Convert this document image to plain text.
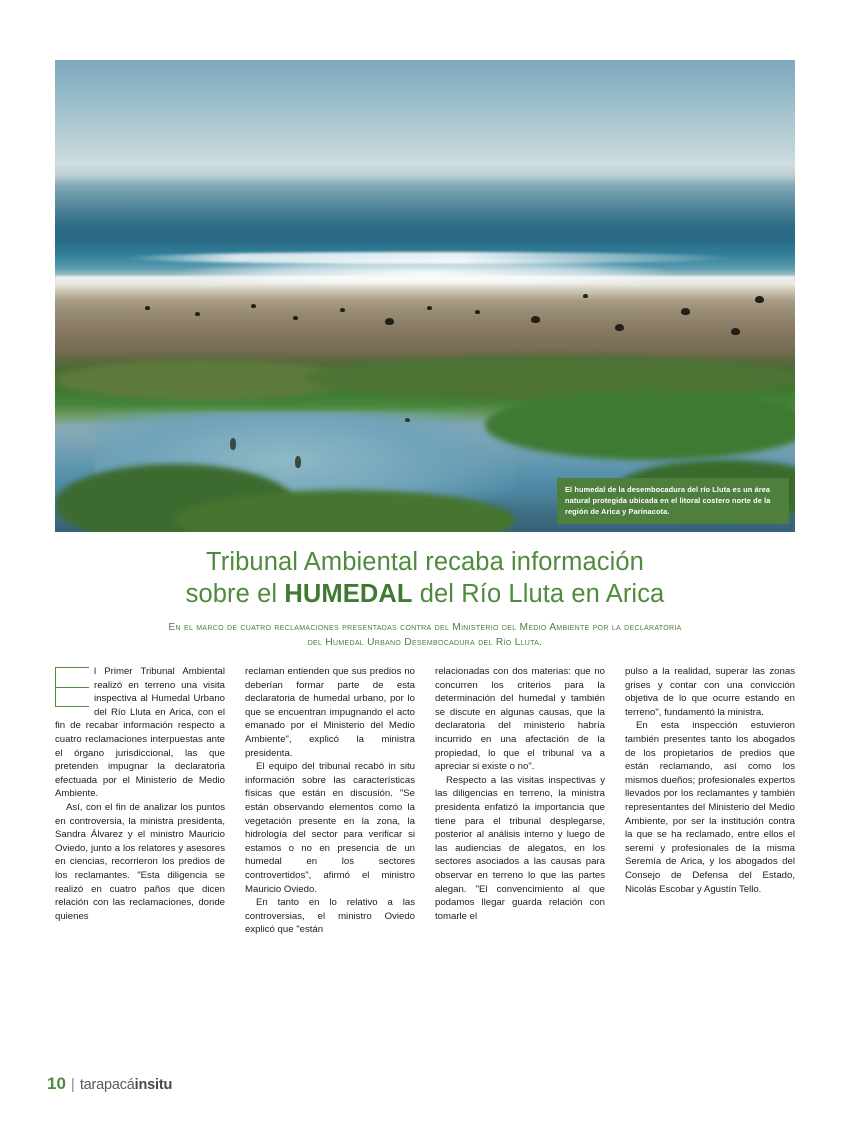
El humedal de la desembocadura del río Lluta es un área natural protegida ubicada en el litoral costero norte de la región de Arica y Parinacota.
Tribunal Ambiental recaba información
sobre el HUMEDAL del Río Lluta en Arica
En el marco de cuatro reclamaciones presentadas contra del Ministerio del Medio Ambiente por la declaratoria del Humedal Urbano Desembocadura del Río Lluta.

l Primer Tribunal Ambiental realizó en terreno una visita inspectiva al Humedal Urbano del Río Lluta en Arica, con el fin de recabar información respecto a cuatro reclamaciones interpuestas ante el órgano jurisdiccional, las que pretenden impugnar la declaratoria efectuada por el Ministerio de Medio Ambiente.

Así, con el fin de analizar los puntos en controversia, la ministra presidenta, Sandra Álvarez y el ministro Mauricio Oviedo, junto a los relatores y asesores en ciencias, recorrieron los predios de los reclamantes. "Esta diligencia se realizó en cuatro paños que dicen relación con las reclamaciones, donde quienes

reclaman entienden que sus predios no deberían formar parte de esta declaratoria de humedal urbano, por lo que se encuentran impugnando el acto emanado por el Ministerio del Medio Ambiente", explicó la ministra presidenta.

El equipo del tribunal recabó in situ información sobre las características físicas que están en discusión. "Se están observando elementos como la vegetación presente en la zona, la hidrología del sector para verificar si estamos o no en presencia de un humedal en los sectores controvertidos", afirmó el ministro Mauricio Oviedo.

En tanto en lo relativo a las controversias, el ministro Oviedo explicó que "están

relacionadas con dos materias: que no concurren los criterios para la determinación del humedal y también se discute en algunas causas, que la declaratoria del ministerio habría incurrido en una afectación de la propiedad, lo que el tribunal va a apreciar si existe o no".

Respecto a las visitas inspectivas y las diligencias en terreno, la ministra presidenta enfatizó la importancia que tiene para el tribunal desplegarse, posterior al análisis interno y luego de las audiencias de alegatos, en los sectores asociados a las causas para observar en terreno lo que las partes alegan. "El convencimiento al que podamos llegar guarda relación con tomarle el

pulso a la realidad, superar las zonas grises y contar con una convicción objetiva de lo que ocurre estando en terreno", fundamentó la ministra.

En esta inspección estuvieron también presentes tanto los abogados de los propietarios de predios que están reclamando, así como los mismos dueños; profesionales expertos llevados por los reclamantes y también representantes del Ministerio del Medio Ambiente, por ser la institución contra la que se ha reclamado, entre ellos el seremi y profesionales de la misma Seremía de Arica, y los abogados del Consejo de Defensa del Estado, Nicolás Escobar y Agustín Tello.

10 | tarapacáinsitu
